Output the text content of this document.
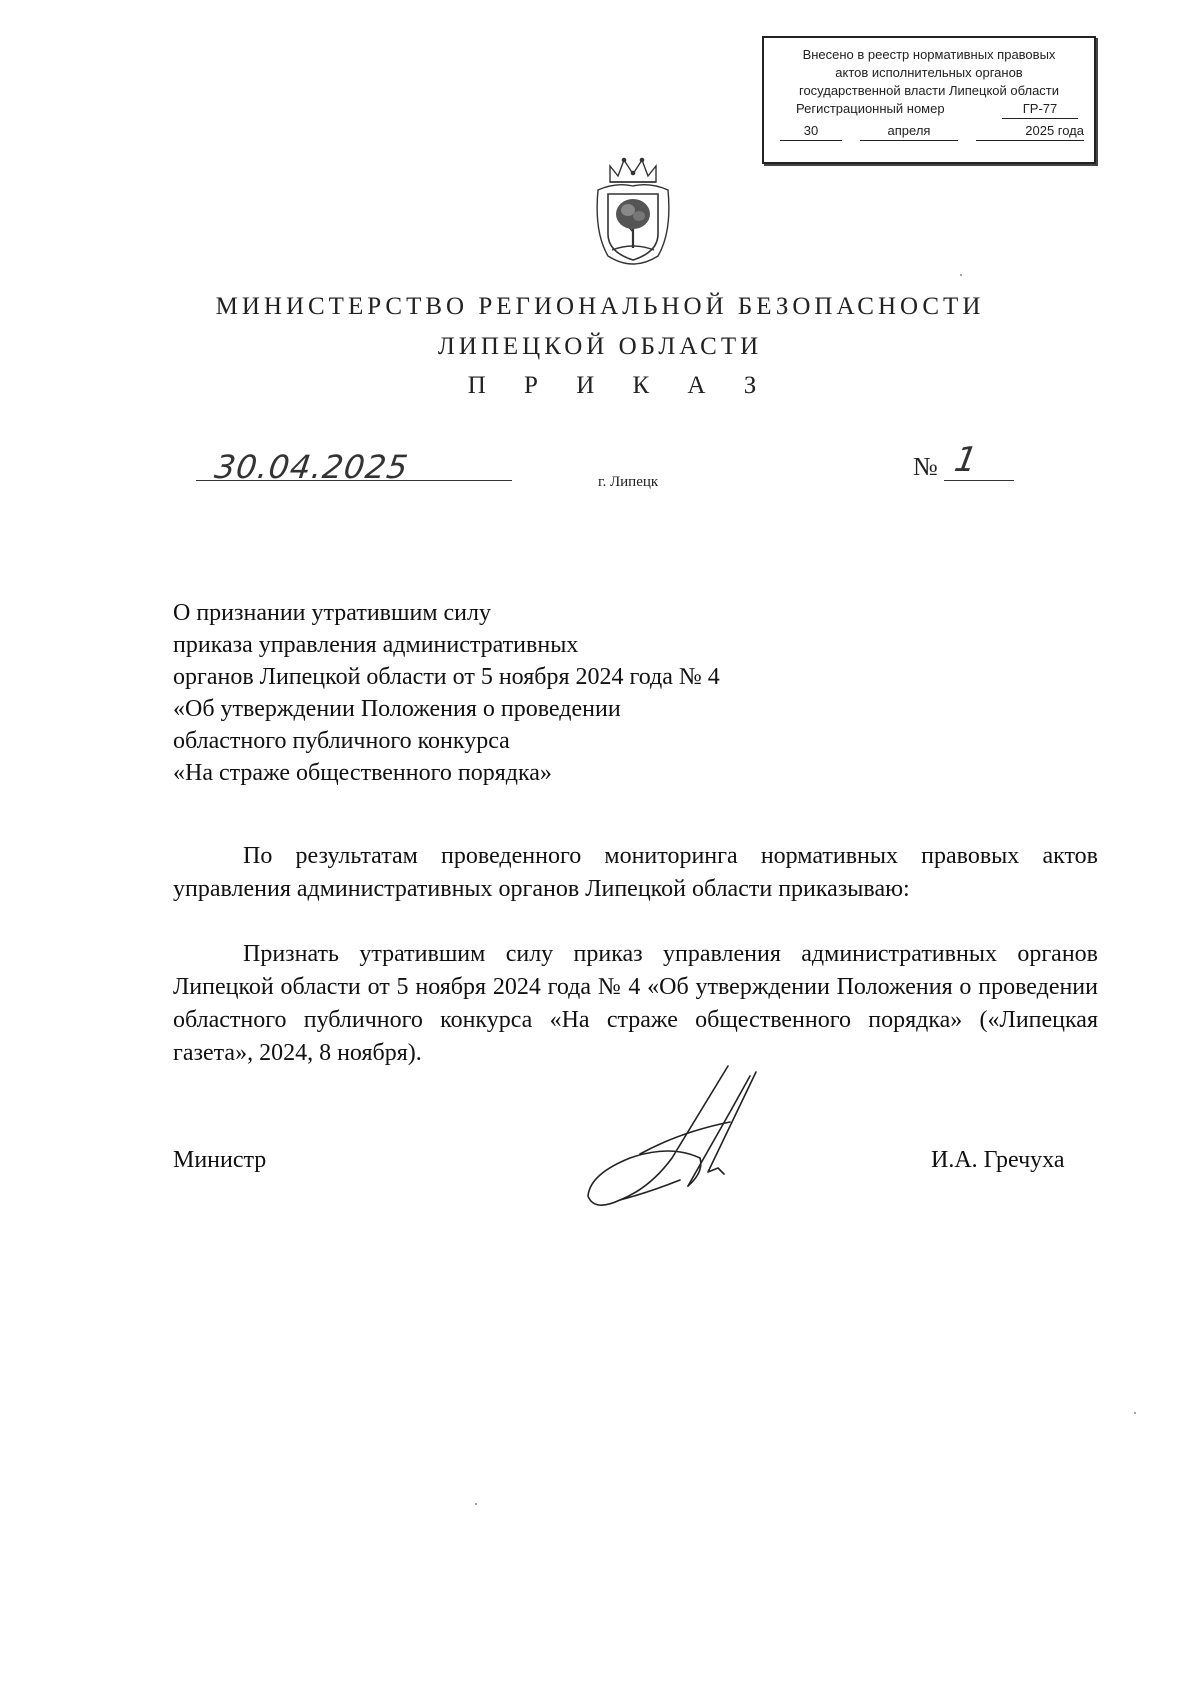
Внесено в реестр нормативных правовых
актов исполнительных органов
государственной власти Липецкой области
Регистрационный номер	ГР-77
30	апреля	2025 года
МИНИСТЕРСТВО РЕГИОНАЛЬНОЙ БЕЗОПАСНОСТИ
ЛИПЕЦКОЙ ОБЛАСТИ
П Р И К А З
30.04.2025	г. Липецк
№ 1
О признании утратившим силу
приказа управления административных
органов Липецкой области от 5 ноября 2024 года № 4
«Об утверждении Положения о проведении
областного публичного конкурса
«На страже общественного порядка»
По результатам проведенного мониторинга нормативных правовых актов управления административных органов Липецкой области приказываю:
Признать утратившим силу приказ управления административных органов Липецкой области от 5 ноября 2024 года № 4 «Об утверждении Положения о проведении областного публичного конкурса «На страже общественного порядка» («Липецкая газета», 2024, 8 ноября).
Министр	И.А. Гречуха
